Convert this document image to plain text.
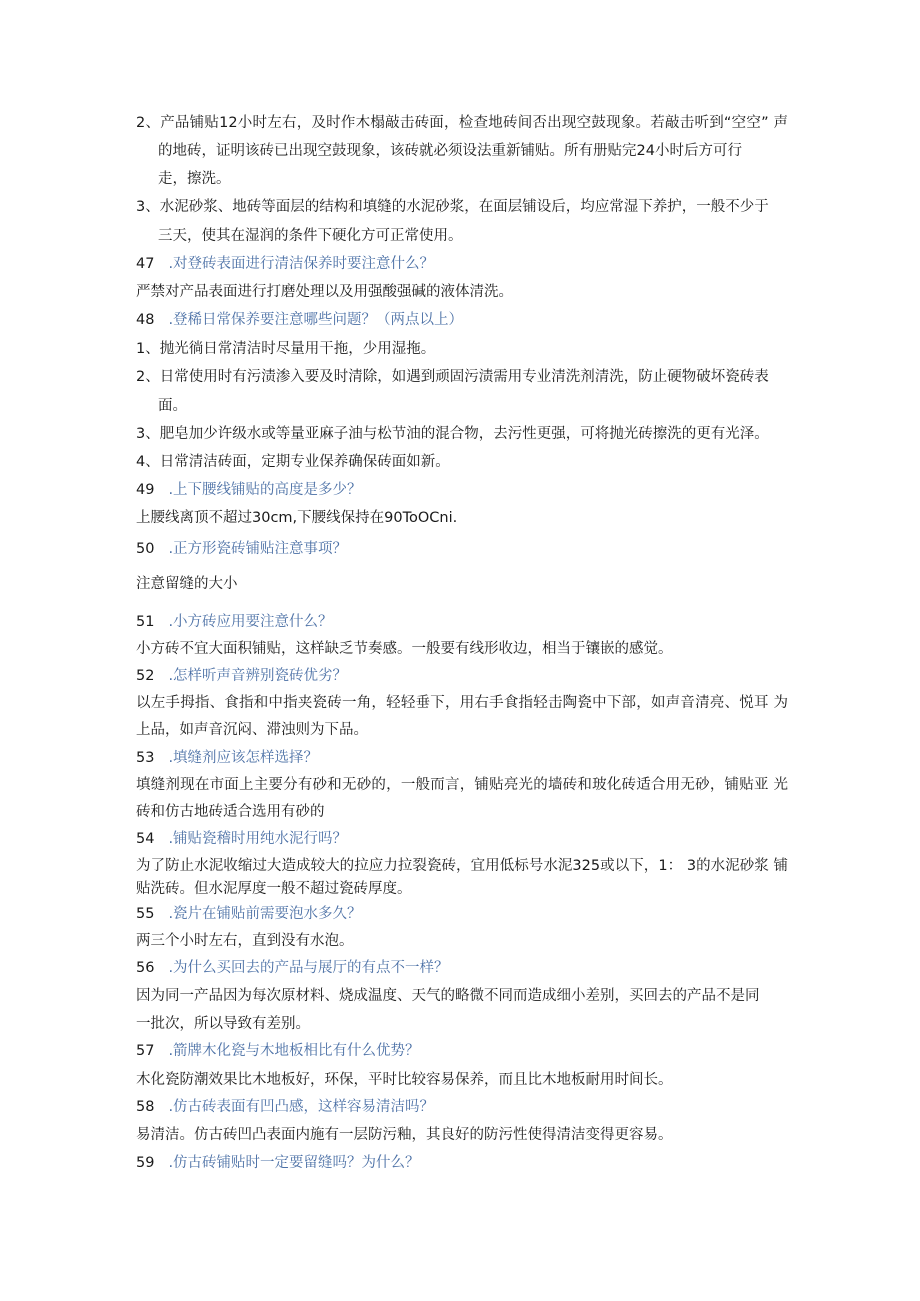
2、产品铺贴12小时左右，及时作木榻敲击砖面，检查地砖间否出现空鼓现象。若敲击听到“空空” 声
的地砖，证明该砖已出现空鼓现象，该砖就必须设法重新铺贴。所有册贴完24小时后方可行
走，擦洗。
3、水泥砂浆、地砖等面层的结构和填缝的水泥砂浆，在面层铺设后，均应常湿下养护，一般不少于
三天，使其在湿润的条件下硬化方可正常使用。
47 .对登砖表面进行清洁保养时要注意什么？
严禁对产品表面进行打磨处理以及用强酸强碱的液体清洗。
48 .登稀日常保养要注意哪些问题？（两点以上）
1、抛光徜日常清洁时尽量用干拖，少用湿拖。
2、日常使用时有污渍渗入要及时清除，如遇到顽固污渍需用专业清洗剂清洗，防止硬物破坏瓷砖表
面。
3、肥皂加少许级水或等量亚麻子油与松节油的混合物，去污性更强，可将抛光砖擦洗的更有光泽。
4、日常清洁砖面，定期专业保养确保砖面如新。
49 .上下腰线铺贴的高度是多少？
上腰线离顶不超过30cm,下腰线保持在90ToOCni.
50 .正方形瓷砖铺贴注意事项？
注意留缝的大小
51 .小方砖应用要注意什么？
小方砖不宜大面积铺贴，这样缺乏节奏感。一般要有线形收边，相当于镶嵌的感觉。
52 .怎样听声音辨别瓷砖优劣？
以左手拇指、食指和中指夹瓷砖一角，轻轻垂下，用右手食指轻击陶瓷中下部，如声音清亮、悦耳 为
上品，如声音沉闷、滞浊则为下品。
53 .填缝剂应该怎样选择？
填缝剂现在市面上主要分有砂和无砂的，一般而言，铺贴亮光的墙砖和玻化砖适合用无砂，铺贴亚 光
砖和仿古地砖适合选用有砂的
54 .铺贴瓷稽时用纯水泥行吗？
为了防止水泥收缩过大造成较大的拉应力拉裂瓷砖，宜用低标号水泥325或以下，1： 3的水泥砂浆 铺
贴洗砖。但水泥厚度一般不超过瓷砖厚度。
55 .瓷片在铺贴前需要泡水多久？
两三个小时左右，直到没有水泡。
56 .为什么买回去的产品与展厅的有点不一样？
因为同一产品因为每次原材料、烧成温度、天气的略微不同而造成细小差别，买回去的产品不是同
一批次，所以导致有差别。
57 .箭牌木化瓷与木地板相比有什么优势？
木化瓷防潮效果比木地板好，环保，平时比较容易保养，而且比木地板耐用时间长。
58 .仿古砖表面有凹凸感，这样容易清洁吗？
易清洁。仿古砖凹凸表面内施有一层防污釉，其良好的防污性使得清洁变得更容易。
59 .仿古砖铺贴时一定要留缝吗？为什么？
